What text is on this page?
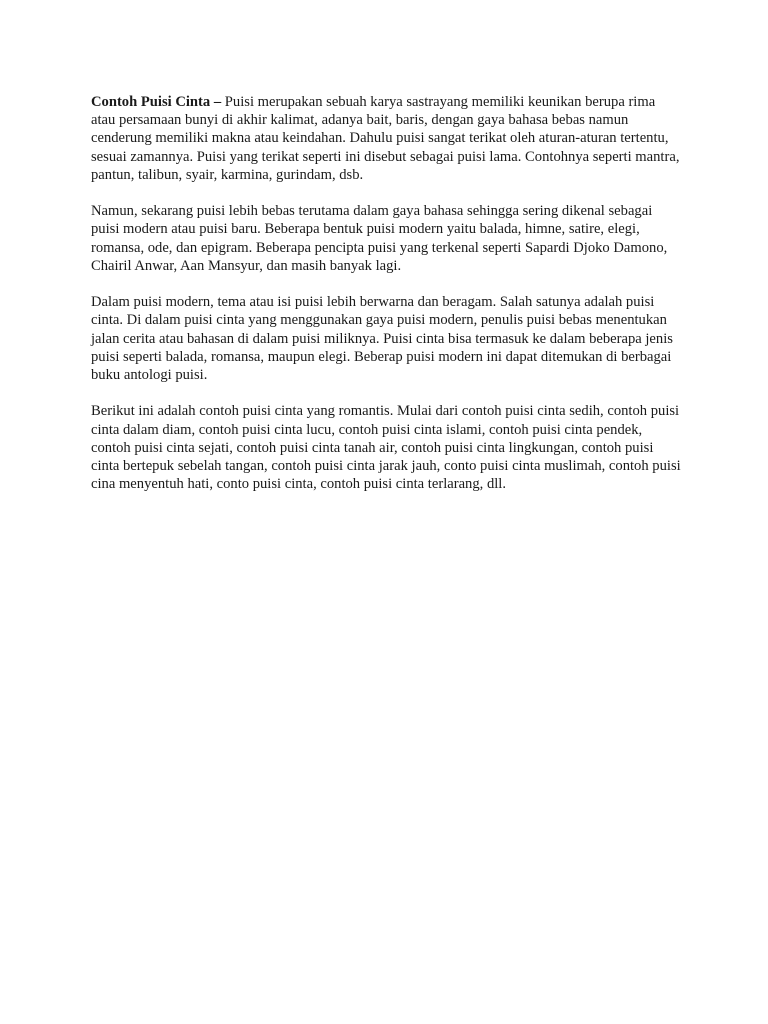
Contoh Puisi Cinta – Puisi merupakan sebuah karya sastrayang memiliki keunikan berupa rima atau persamaan bunyi di akhir kalimat, adanya bait, baris, dengan gaya bahasa bebas namun cenderung memiliki makna atau keindahan. Dahulu puisi sangat terikat oleh aturan-aturan tertentu, sesuai zamannya. Puisi yang terikat seperti ini disebut sebagai puisi lama. Contohnya seperti mantra, pantun, talibun, syair, karmina, gurindam, dsb.

Namun, sekarang puisi lebih bebas terutama dalam gaya bahasa sehingga sering dikenal sebagai puisi modern atau puisi baru. Beberapa bentuk puisi modern yaitu balada, himne, satire, elegi, romansa, ode, dan epigram. Beberapa pencipta puisi yang terkenal seperti Sapardi Djoko Damono, Chairil Anwar, Aan Mansyur, dan masih banyak lagi.

Dalam puisi modern, tema atau isi puisi lebih berwarna dan beragam. Salah satunya adalah puisi cinta. Di dalam puisi cinta yang menggunakan gaya puisi modern, penulis puisi bebas menentukan jalan cerita atau bahasan di dalam puisi miliknya. Puisi cinta bisa termasuk ke dalam beberapa jenis puisi seperti balada, romansa, maupun elegi. Beberap puisi modern ini dapat ditemukan di berbagai buku antologi puisi.

Berikut ini adalah contoh puisi cinta yang romantis. Mulai dari contoh puisi cinta sedih, contoh puisi cinta dalam diam, contoh puisi cinta lucu, contoh puisi cinta islami, contoh puisi cinta pendek, contoh puisi cinta sejati, contoh puisi cinta tanah air, contoh puisi cinta lingkungan, contoh puisi cinta bertepuk sebelah tangan, contoh puisi cinta jarak jauh, conto puisi cinta muslimah, contoh puisi cina menyentuh hati, conto puisi cinta, contoh puisi cinta terlarang, dll.
